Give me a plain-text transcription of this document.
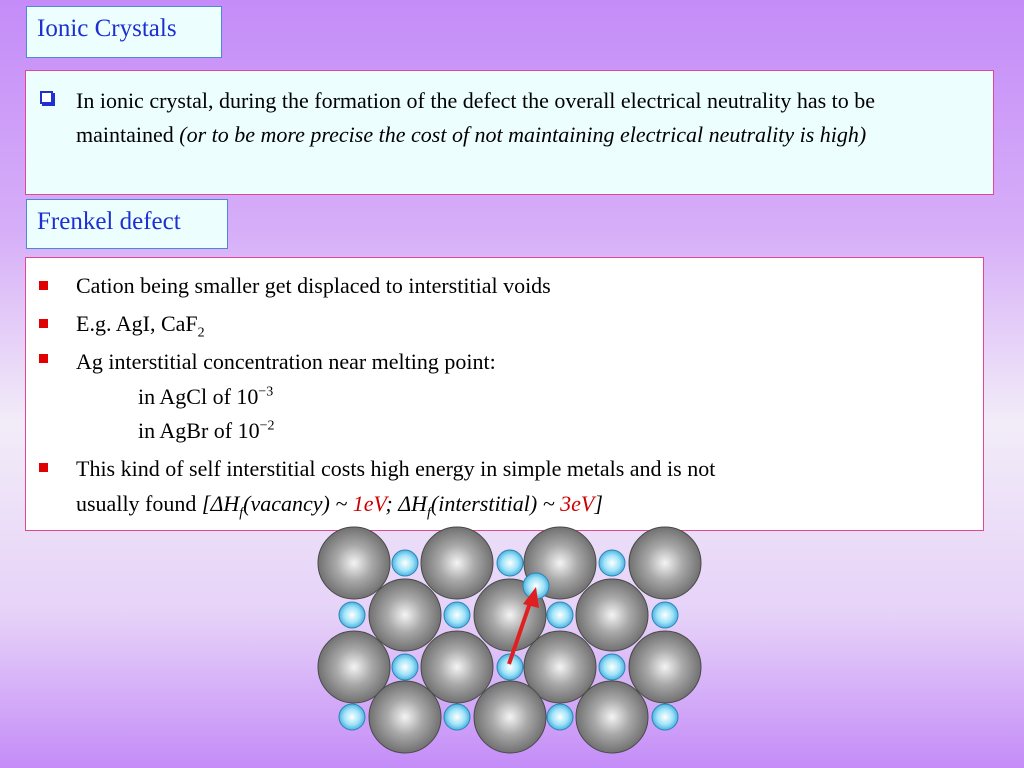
Ionic Crystals
In ionic crystal, during the formation of the defect the overall electrical neutrality has to be maintained (or to be more precise the cost of not maintaining electrical neutrality is high)
Frenkel defect
Cation being smaller get displaced to interstitial voids
E.g. AgI, CaF$_2$
Ag interstitial concentration near melting point:
in AgCl of $10^{-3}$
in AgBr of $10^{-2}$
This kind of self interstitial costs high energy in simple metals and is not
usually found [$\Delta H_f(vacancy)$ ~ 1eV; $\Delta H_f(interstitial)$ ~ 3eV]
